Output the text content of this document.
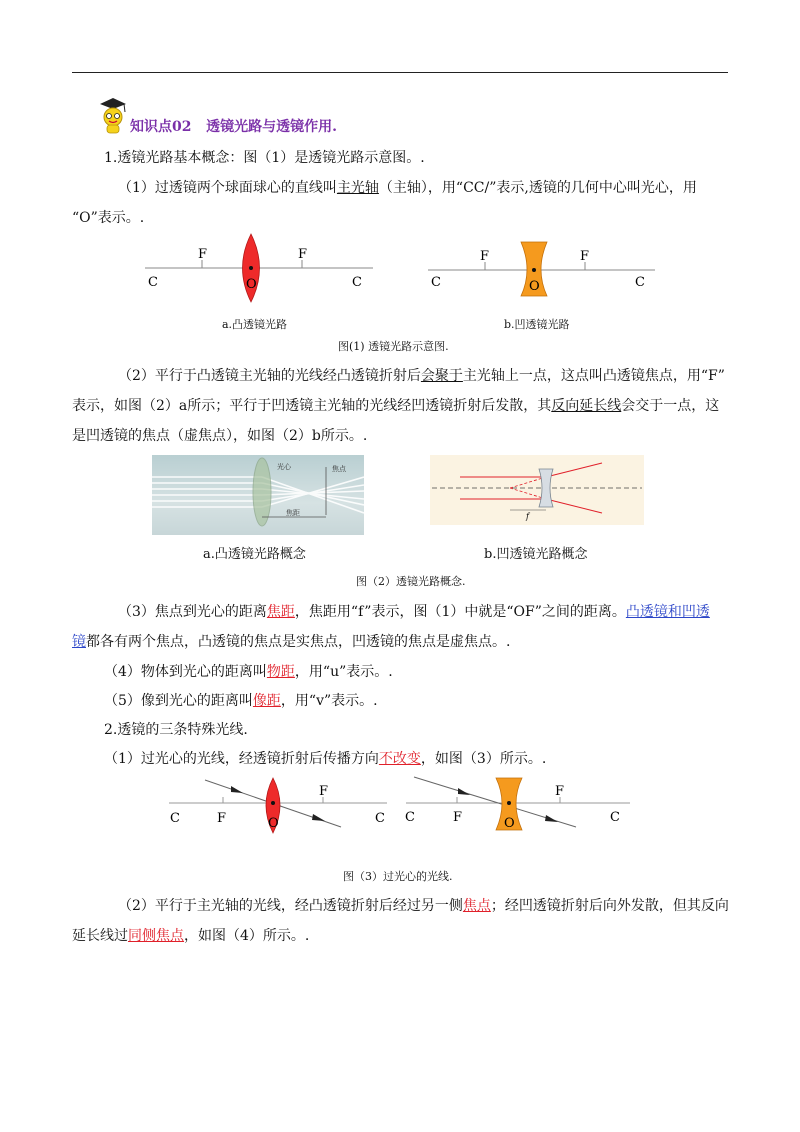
知识点02 透镜光路与透镜作用.
1.透镜光路基本概念：图（1）是透镜光路示意图。.
（1）过透镜两个球面球心的直线叫主光轴（主轴），用“CC/”表示,透镜的几何中心叫光心，用
“O”表示。.
F	F
C	C
O
F	F
C	C
O
a.凸透镜光路	b.凹透镜光路
图(1) 透镜光路示意图.
（2）平行于凸透镜主光轴的光线经凸透镜折射后会聚于主光轴上一点，这点叫凸透镜焦点，用“F”
表示，如图（2）a所示；平行于凹透镜主光轴的光线经凹透镜折射后发散，其反向延长线会交于一点，这
是凹透镜的焦点（虚焦点），如图（2）b所示。.
光心	焦点
焦距	f
a.凸透镜光路概念	b.凹透镜光路概念
图（2）透镜光路概念.
（3）焦点到光心的距离焦距，焦距用“f”表示，图（1）中就是“OF”之间的距离。凸透镜和凹透
镜都各有两个焦点，凸透镜的焦点是实焦点，凹透镜的焦点是虚焦点。.
（4）物体到光心的距离叫物距，用“u”表示。.
（5）像到光心的距离叫像距，用“v”表示。.
2.透镜的三条特殊光线.
（1）过光心的光线，经透镜折射后传播方向不改变，如图（3）所示。.
C	F
F
C
O	C	F
F
C
O
图（3）过光心的光线.
（2）平行于主光轴的光线，经凸透镜折射后经过另一侧焦点；经凹透镜折射后向外发散，但其反向
延长线过同侧焦点，如图（4）所示。.
